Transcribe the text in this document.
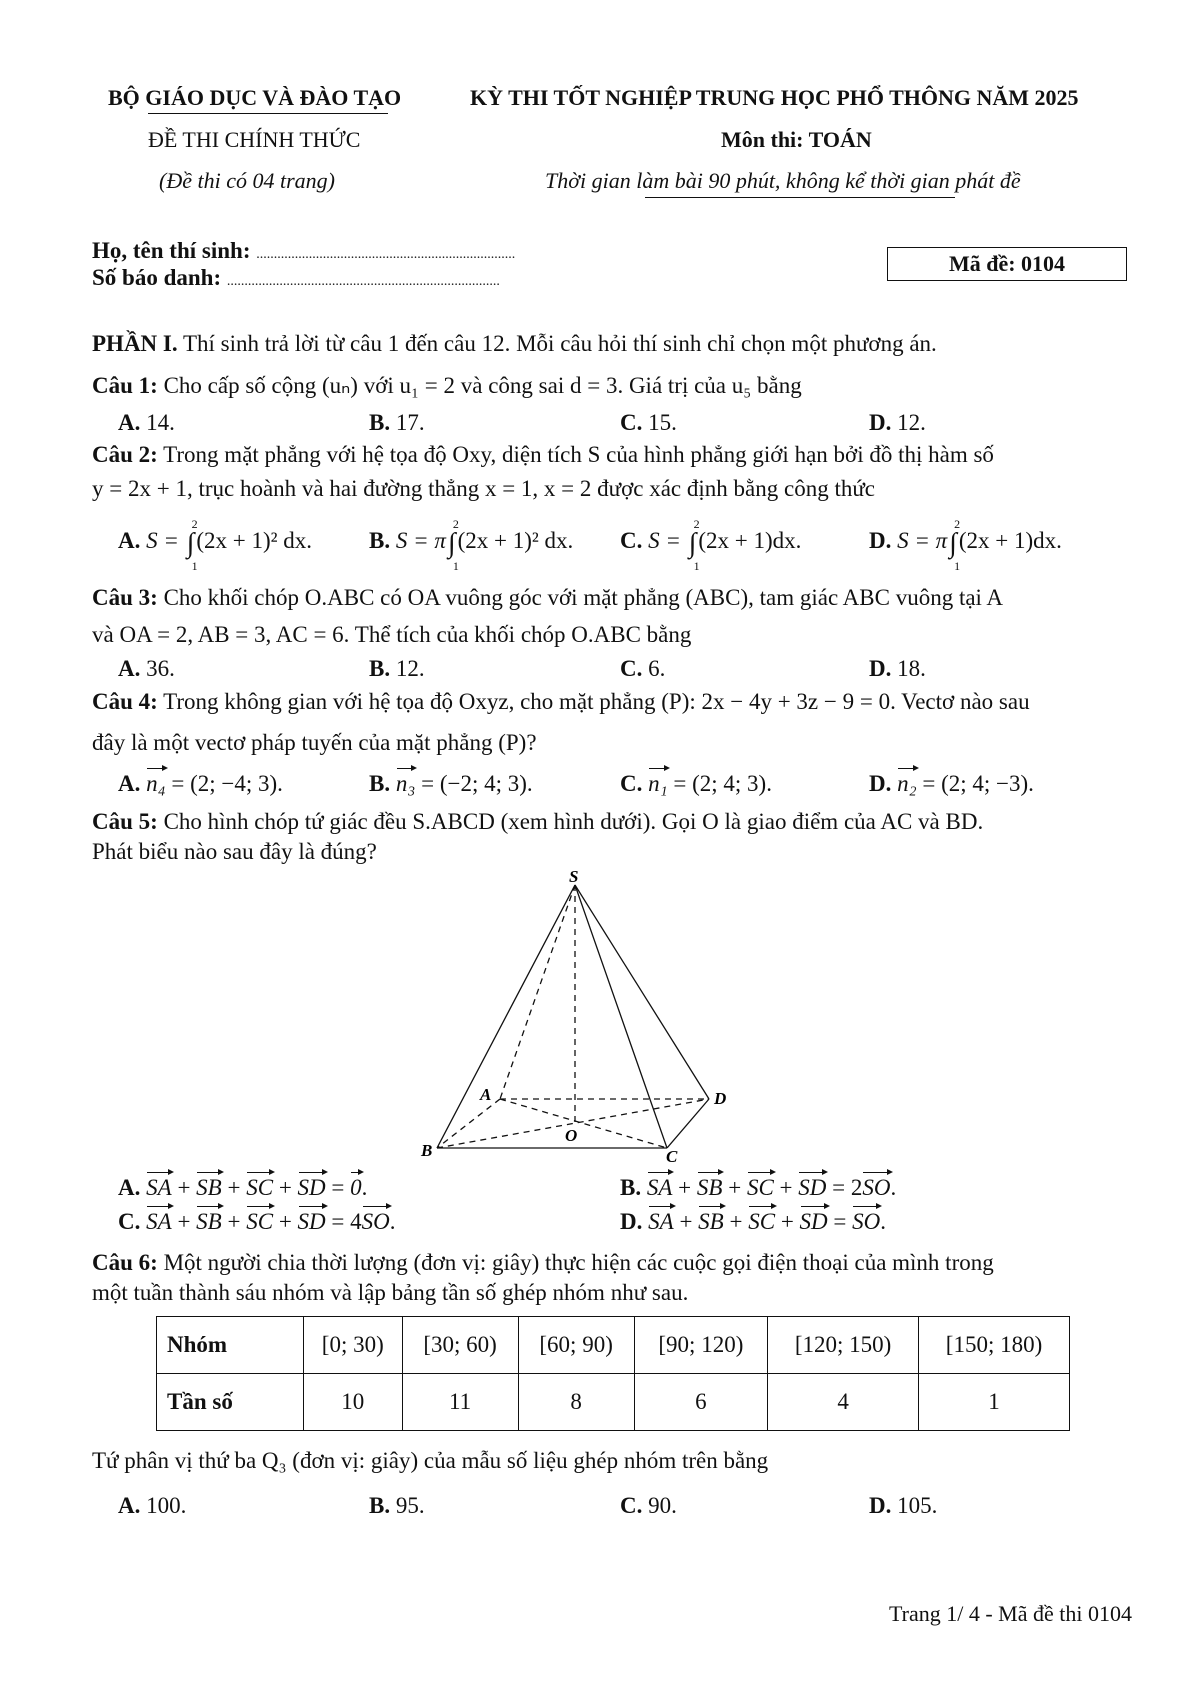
BỘ GIÁO DỤC VÀ ĐÀO TẠO	KỲ THI TỐT NGHIỆP TRUNG HỌC PHỔ THÔNG NĂM 2025
ĐỀ THI CHÍNH THỨC	Môn thi: TOÁN
(Đề thi có 04 trang)	Thời gian làm bài 90 phút, không kể thời gian phát đề
Họ, tên thí sinh: ..........................................................................
Số báo danh: ..............................................................................
Mã đề: 0104
PHẦN I. Thí sinh trả lời từ câu 1 đến câu 12. Mỗi câu hỏi thí sinh chỉ chọn một phương án.
Câu 1: Cho cấp số cộng (uₙ) với u₁ = 2 và công sai d = 3. Giá trị của u₅ bằng
Câu 2: Trong mặt phẳng với hệ tọa độ Oxy, diện tích S của hình phẳng giới hạn bởi đồ thị hàm số
y = 2x + 1, trục hoành và hai đường thẳng x = 1, x = 2 được xác định bằng công thức
Câu 3: Cho khối chóp O.ABC có OA vuông góc với mặt phẳng (ABC), tam giác ABC vuông tại A
và OA = 2, AB = 3, AC = 6. Thể tích của khối chóp O.ABC bằng
Câu 4: Trong không gian với hệ tọa độ Oxyz, cho mặt phẳng (P): 2x − 4y + 3z − 9 = 0. Vectơ nào sau
đây là một vectơ pháp tuyến của mặt phẳng (P)?
Câu 5: Cho hình chóp tứ giác đều S.ABCD (xem hình dưới). Gọi O là giao điểm của AC và BD.
Phát biểu nào sau đây là đúng?
S
A	D
B	C
O
Câu 6: Một người chia thời lượng (đơn vị: giây) thực hiện các cuộc gọi điện thoại của mình trong
một tuần thành sáu nhóm và lập bảng tần số ghép nhóm như sau.
Nhóm	[0; 30)	[30; 60)	[60; 90)	[90; 120)	[120; 150)	[150; 180)
Tần số	10	11	8	6	4	1
Tứ phân vị thứ ba Q₃ (đơn vị: giây) của mẫu số liệu ghép nhóm trên bằng
Trang 1/ 4 - Mã đề thi 0104
A. 14.	B. 17.	C. 15.	D. 12.
A. S = ∫
2
1
(2x + 1)² dx. B. S = π∫
2
1
(2x + 1)² dx. C. S = ∫
2
1
(2x + 1)dx.	D. S = π∫
2
1
(2x + 1)dx.
A. 36.	B. 12.	C. 6.	D. 18.
A. n₄ = (2; −4; 3).	B. n₃ = (−2; 4; 3).	C. n₁ = (2; 4; 3).	D. n₂ = (2; 4; −3).
A. SA + SB + SC + SD = 0.	B. SA + SB + SC + SD = 2SO.
C. SA + SB + SC + SD = 4SO.	D. SA + SB + SC + SD = SO.
A. 100.	B. 95.	C. 90.	D. 105.
